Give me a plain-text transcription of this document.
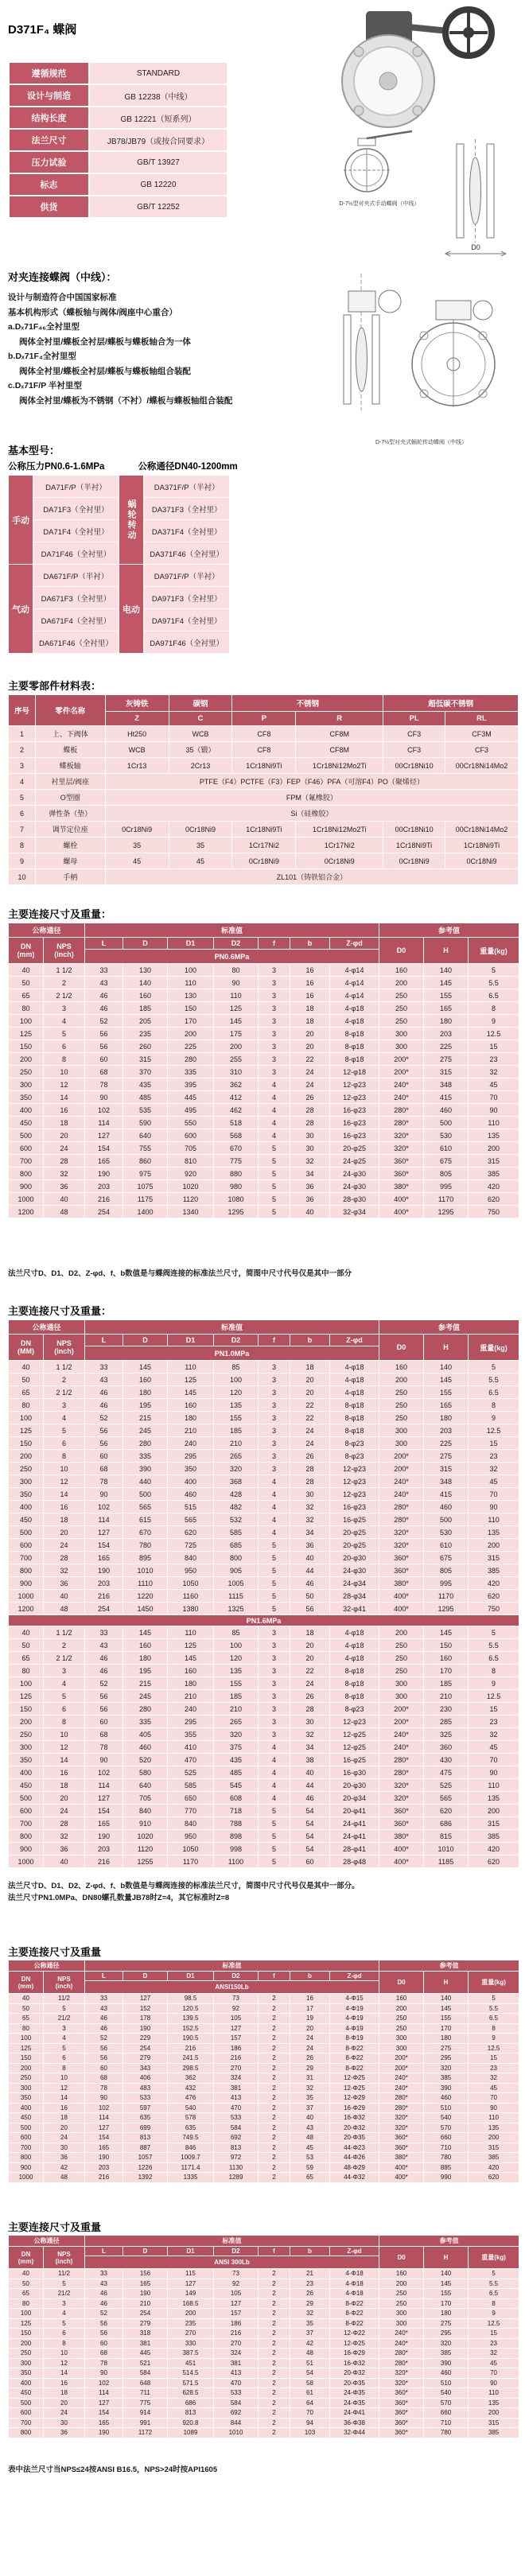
D371F₄ 蝶阀
遵循规范	STANDARD
设计与制造	GB 12238（中线）
结构长度	GB 12221（短系列）
法兰尺寸	JB78/JB79（或按合同要求）
压力试验	GB/T 13927
标志	GB 12220
供货	GB/T 12252
对夹连接蝶阀（中线）：
设计与制造符合中国国家标准
基本机构形式（蝶板轴与阀体/阀座中心重合）
a.Dₓ71F₄₆全衬里型
阀体全衬里/蝶板全衬层/蝶板与蝶板轴合为一体
b.Dₓ71F₄全衬里型
阀体全衬里/蝶板全衬层/蝶板与蝶板轴组合装配
c.Dₓ71F/P 半衬里型
阀体全衬里/蝶板为不锈钢（不衬）/蝶板与蝶板轴组合装配
D-7½型对夹式手动蝶阀（中线）
D0
D-7½型对夹式蜗轮传动蝶阀（中线）
基本型号：
公称压力PN0.6-1.6MPa	公称通径DN40-1200mm
手动	DA71F/P（半衬）	蜗轮转动	DA371F/P（半衬）
	DA71F3（全衬里）		DA371F3（全衬里）
	DA71F4（全衬里）		DA371F4（全衬里）
	DA71F46（全衬里）		DA371F46（全衬里）
气动	DA671F/P（半衬）	电动	DA971F/P（半衬）
	DA671F3（全衬里）		DA971F3（全衬里）
	DA671F4（全衬里）		DA971F4（全衬里）
	DA671F46（全衬里）		DA971F46（全衬里）
主要零部件材料表：
序号	零件名称	灰铸铁	碳钢	不锈钢		超低碳不锈钢	
		Z	C	P	R	PL	RL
1	上、下阀体	Ht250	WCB	CF8	CF8M	CF3	CF3M
2	蝶板	WCB	35（锻）	CF8	CF8M	CF3	CF3
3	蝶板轴	1Cr13	2Cr13	1Cr18Ni9Ti	1Cr18Ni12Mo2Ti	00Cr18Ni10	00Cr18Ni14Mo2
4	衬里层/阀座	PTFE（F4）PCTFE（F3）FEP（F46）PFA（可溶F4）PO（聚烯烃）					
5	O型圈	FPM（氟橡胶）					
6	弹性条（垫）	Si（硅橡胶）					
7	调节定位座	0Cr18Ni9	0Cr18Ni9	1Cr18Ni9Ti	1Cr18Ni12Mo2Ti	00Cr18Ni10	00Cr18Ni14Mo2
8	螺栓	35	35	1Cr17Ni2	1Cr17Ni2	1Cr18Ni9Ti	1Cr18Ni9Ti
9	螺母	45	45	0Cr18Ni9	0Cr18Ni9	0Cr18Ni9	0Cr18Ni9
10	手柄	ZL101（铸铁铝合金）					
主要连接尺寸及重量：
公称通径		标准值							参考值		

DN
(mm)

NPS
(inch)
	L	D	D1	D2	f	b	Z-φd	D0	H	重量(kg)
		PN0.6MPa									
40	1 1/2	33	130	100	80	3	16	4-φ14	160	140	5
50	2	43	140	110	90	3	16	4-φ14	200	145	5.5
65	2 1/2	46	160	130	110	3	16	4-φ14	250	155	6.5
80	3	46	185	150	125	3	18	4-φ18	250	165	8
100	4	52	205	170	145	3	18	4-φ18	250	180	9
125	5	56	235	200	175	3	20	8-φ18	300	203	12.5
150	6	56	260	225	200	3	20	8-φ18	300	225	15
200	8	60	315	280	255	3	22	8-φ18	200*	275	23
250	10	68	370	335	310	3	24	12-φ18	200*	315	32
300	12	78	435	395	362	4	24	12-φ23	240*	348	45
350	14	90	485	445	412	4	26	12-φ23	240*	415	70
400	16	102	535	495	462	4	28	16-φ23	280*	460	90
450	18	114	590	550	518	4	28	16-φ23	280*	500	110
500	20	127	640	600	568	4	30	16-φ23	320*	530	135
600	24	154	755	705	670	5	30	20-φ25	320*	610	200
700	28	165	860	810	775	5	32	24-φ25	360*	675	315
800	32	190	975	920	880	5	34	24-φ30	360*	805	385
900	36	203	1075	1020	980	5	36	24-φ30	380*	995	420
1000	40	216	1175	1120	1080	5	36	28-φ30	400*	1170	620
1200	48	254	1400	1340	1295	5	40	32-φ34	400*	1295	750
法兰尺寸D、D1、D2、Z-φd、f、b数值是与蝶阀连接的标准法兰尺寸，简图中尺寸代号仅是其中一部分
主要连接尺寸及重量：
公称通径		标准值							参考值		

DN
(MM)

NPS
(inch)
	L	D	D1	D2	f	b	Z-φd	D0	H	重量(kg)
		PN1.0MPa									
40	1 1/2	33	145	110	85	3	18	4-φ18	160	140	5
50	2	43	160	125	100	3	20	4-φ18	200	145	5.5
65	2 1/2	46	180	145	120	3	20	4-φ18	250	155	6.5
80	3	46	195	160	135	3	22	8-φ18	250	165	8
100	4	52	215	180	155	3	22	8-φ18	250	180	9
125	5	56	245	210	185	3	24	8-φ18	300	203	12.5
150	6	56	280	240	210	3	24	8-φ23	300	225	15
200	8	60	335	295	265	3	26	8-φ23	200*	275	23
250	10	68	390	350	320	3	28	12-φ23	200*	315	32
300	12	78	440	400	368	4	28	12-φ23	240*	348	45
350	14	90	500	460	428	4	30	12-φ23	240*	415	70
400	16	102	565	515	482	4	32	16-φ23	280*	460	90
450	18	114	615	565	532	4	32	16-φ25	280*	500	110
500	20	127	670	620	585	4	34	20-φ25	320*	530	135
600	24	154	780	725	685	5	36	20-φ25	320*	610	200
700	28	165	895	840	800	5	40	20-φ30	360*	675	315
800	32	190	1010	950	905	5	44	24-φ30	360*	805	385
900	36	203	1110	1050	1005	5	46	24-φ34	380*	995	420
1000	40	216	1220	1160	1115	5	50	28-φ34	400*	1170	620
1200	48	254	1450	1380	1325	5	56	32-φ41	400*	1295	750
PN1.6MPa											
40	1 1/2	33	145	110	85	3	18	4-φ18	200	145	5
50	2	43	160	125	100	3	20	4-φ18	250	150	5.5
65	2 1/2	46	180	145	120	3	20	4-φ18	250	160	6.5
80	3	46	195	160	135	3	22	8-φ18	250	170	8
100	4	52	215	180	155	3	24	8-φ18	300	185	9
125	5	56	245	210	185	3	26	8-φ18	300	210	12.5
150	6	56	280	240	210	3	28	8-φ23	200*	230	15
200	8	60	335	295	265	3	30	12-φ23	200*	285	23
250	10	68	405	355	320	3	32	12-φ25	240*	325	32
300	12	78	460	410	375	4	34	12-φ25	240*	360	45
350	14	90	520	470	435	4	38	16-φ25	280*	430	70
400	16	102	580	525	485	4	40	16-φ30	280*	475	90
450	18	114	640	585	545	4	44	20-φ30	320*	525	110
500	20	127	705	650	608	4	46	20-φ34	320*	565	135
600	24	154	840	770	718	5	54	20-φ41	360*	620	200
700	28	165	910	840	788	5	54	24-φ41	360*	686	315
800	32	190	1020	950	898	5	54	24-φ41	380*	815	385
900	36	203	1120	1050	998	5	54	28-φ41	400*	1010	420
1000	40	216	1255	1170	1100	5	60	28-φ48	400*	1185	620
法兰尺寸D、D1、D2、Z-φd、f、b数值是与蝶阀连接的标准法兰尺寸，简图中尺寸代号仅是其中一部分。
法兰尺寸PN1.0MPa、DN80螺孔数量JB78时Z=4，其它标准时Z=8
主要连接尺寸及重量
公称通径		标准值							参考值		

DN
(mm)

NPS
(inch)
	L	D	D1	D2	f	b	Z-φd	D0	H	重量(kg)
		ANSI150Lb									
40	11/2	33	127	98.5	73	2	16	4-Φ15	160	140	5
50	5	43	152	120.5	92	2	17	4-Φ19	200	145	5.5
65	21/2	46	178	139.5	105	2	19	4-Φ19	250	155	6.5
80	3	46	190	152.5	127	2	20	4-Φ19	250	170	8
100	4	52	229	190.5	157	2	24	8-Φ19	300	180	9
125	5	56	254	216	186	2	24	8-Φ22	300	275	12.5
150	6	56	279	241.5	216	2	26	8-Φ22	200*	295	15
200	8	60	343	298.5	270	2	29	8-Φ22	200*	320	23
250	10	68	406	362	324	2	31	12-Φ25	240*	385	32
300	12	78	483	432	381	2	32	12-Φ25	240*	390	45
350	14	90	533	476	413	2	35	12-Φ29	280*	460	70
400	16	102	597	540	470	2	37	16-Φ29	280*	510	90
450	18	114	635	578	533	2	40	16-Φ32	320*	540	110
500	20	127	699	635	584	2	43	20-Φ32	320*	570	135
600	24	154	813	749.5	692	2	48	20-Φ35	360*	660	200
700	30	165	887	846	813	2	45	44-Φ23	360*	710	315
800	36	190	1057	1009.7	972	2	53	44-Φ26	380*	780	385
900	42	203	1226	1171.4	1130	2	59	48-Φ29	400*	885	420
1000	48	216	1392	1335	1289	2	65	44-Φ32	400*	990	620
主要连接尺寸及重量
公称通径		标准值							参考值		

DN
(mm)

NPS
(inch)
	L	D	D1	D2	f	b	Z-φd	D0	H	重量(kg)
		ANSI 300Lb									
40	11/2	33	156	115	73	2	21	4-Φ18	160	140	5
50	5	43	165	127	92	2	23	4-Φ18	200	145	5.5
65	21/2	46	190	149	105	2	26	4-Φ18	250	155	6.5
80	3	46	210	168.5	127	2	29	8-Φ22	250	170	8
100	4	52	254	200	157	2	32	8-Φ22	300	180	9
125	5	56	279	235	186	2	35	8-Φ22	300	275	12.5
150	6	56	318	270	216	2	37	12-Φ22	240*	295	15
200	8	60	381	330	270	2	42	12-Φ25	240*	320	23
250	10	68	445	387.5	324	2	48	16-Φ29	280*	385	32
300	12	78	521	451	381	2	51	16-Φ32	280*	390	45
350	14	90	584	514.5	413	2	54	20-Φ32	320*	460	70
400	16	102	648	571.5	470	2	58	20-Φ35	320*	510	90
450	18	114	711	628.5	533	2	61	24-Φ35	360*	540	110
500	20	127	775	686	584	2	64	24-Φ35	360*	570	135
600	24	154	914	813	692	2	70	24-Φ41	360*	660	200
700	30	165	991	920.8	844	2	94	36-Φ38	360*	710	315
800	36	190	1172	1089	1010	2	103	32-Φ44	360*	780	385
表中法兰尺寸当NPS≤24按ANSI B16.5，NPS>24时按API1605
